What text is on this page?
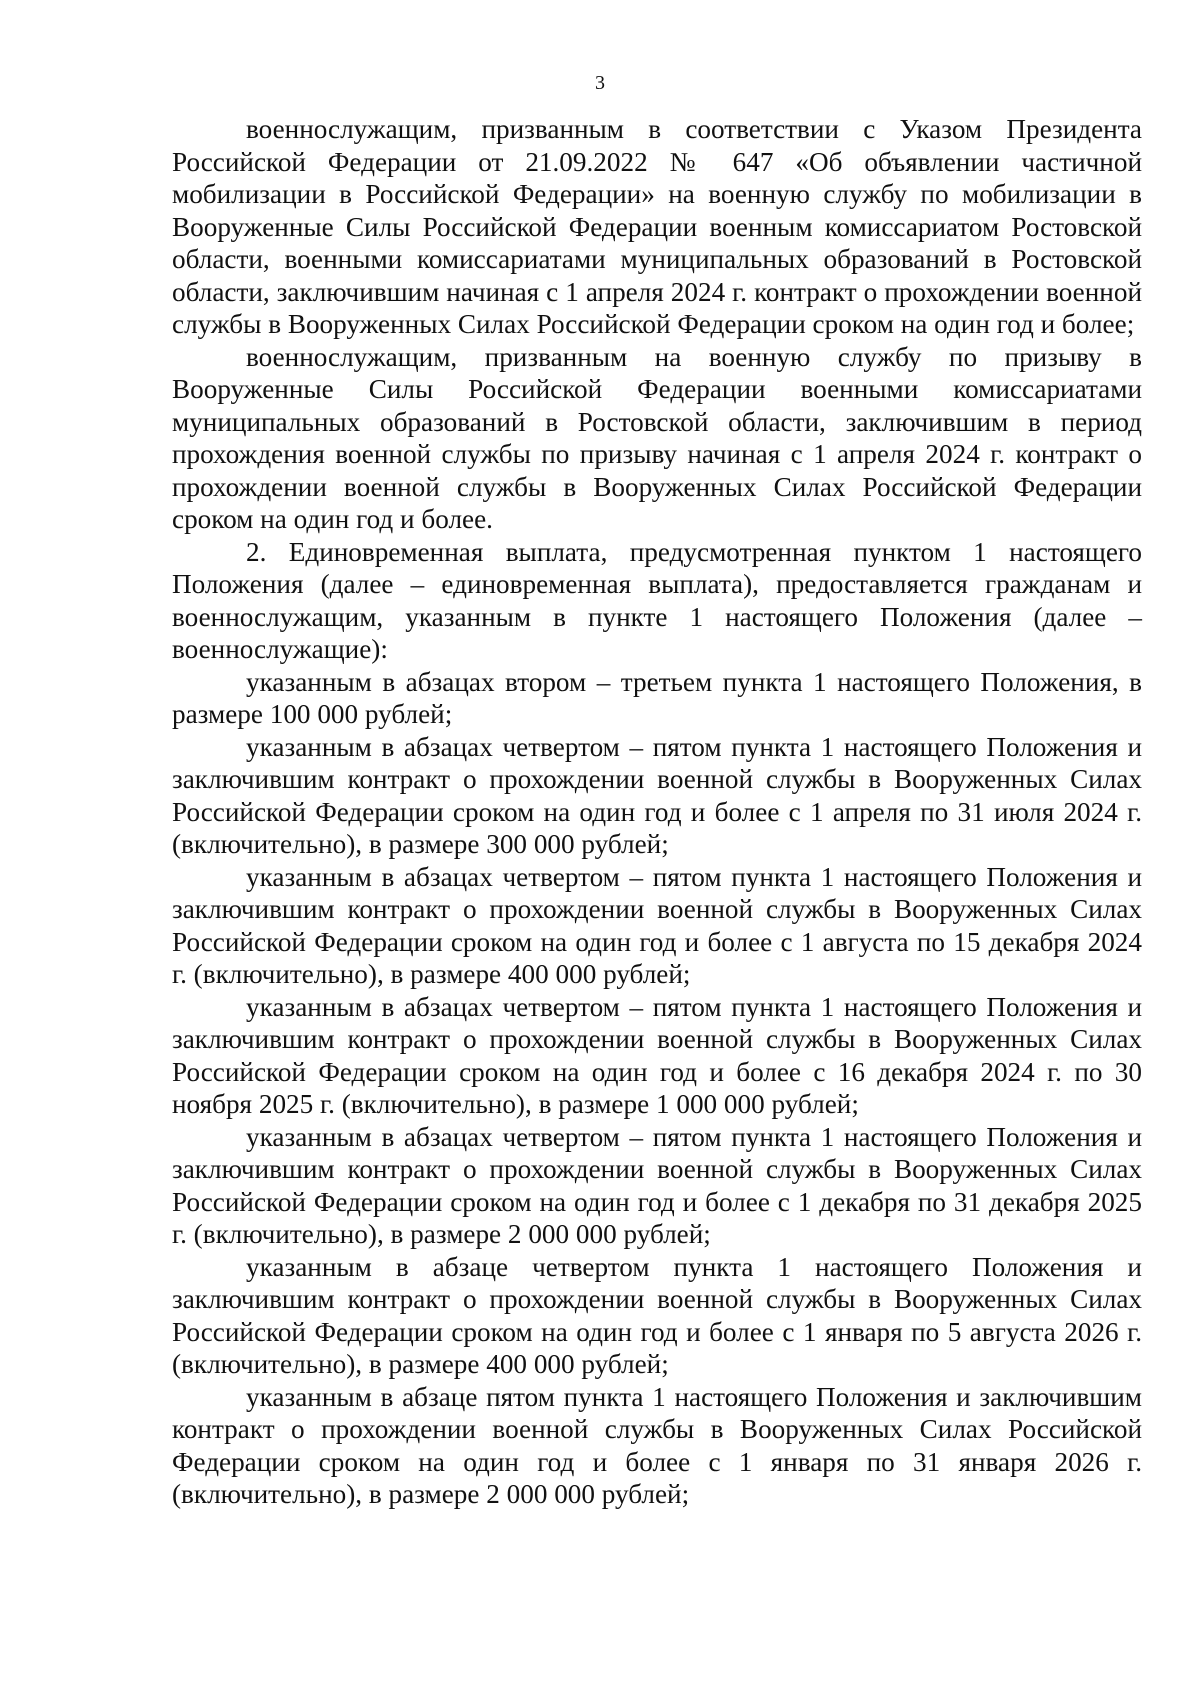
3

военнослужащим, призванным в соответствии с Указом Президента Российской Федерации от 21.09.2022 № 647 «Об объявлении частичной мобилизации в Российской Федерации» на военную службу по мобилизации в Вооруженные Силы Российской Федерации военным комиссариатом Ростовской области, военными комиссариатами муниципальных образований в Ростовской области, заключившим начиная с 1 апреля 2024 г. контракт о прохождении военной службы в Вооруженных Силах Российской Федерации сроком на один год и более;

военнослужащим, призванным на военную службу по призыву в Вооруженные Силы Российской Федерации военными комиссариатами муниципальных образований в Ростовской области, заключившим в период прохождения военной службы по призыву начиная с 1 апреля 2024 г. контракт о прохождении военной службы в Вооруженных Силах Российской Федерации сроком на один год и более.

2. Единовременная выплата, предусмотренная пунктом 1 настоящего Положения (далее – единовременная выплата), предоставляется гражданам и военнослужащим, указанным в пункте 1 настоящего Положения (далее – военнослужащие):

указанным в абзацах втором – третьем пункта 1 настоящего Положения, в размере 100 000 рублей;

указанным в абзацах четвертом – пятом пункта 1 настоящего Положения и заключившим контракт о прохождении военной службы в Вооруженных Силах Российской Федерации сроком на один год и более с 1 апреля по 31 июля 2024 г. (включительно), в размере 300 000 рублей;

указанным в абзацах четвертом – пятом пункта 1 настоящего Положения и заключившим контракт о прохождении военной службы в Вооруженных Силах Российской Федерации сроком на один год и более с 1 августа по 15 декабря 2024 г. (включительно), в размере 400 000 рублей;

указанным в абзацах четвертом – пятом пункта 1 настоящего Положения и заключившим контракт о прохождении военной службы в Вооруженных Силах Российской Федерации сроком на один год и более с 16 декабря 2024 г. по 30 ноября 2025 г. (включительно), в размере 1 000 000 рублей;

указанным в абзацах четвертом – пятом пункта 1 настоящего Положения и заключившим контракт о прохождении военной службы в Вооруженных Силах Российской Федерации сроком на один год и более с 1 декабря по 31 декабря 2025 г. (включительно), в размере 2 000 000 рублей;

указанным в абзаце четвертом пункта 1 настоящего Положения и заключившим контракт о прохождении военной службы в Вооруженных Силах Российской Федерации сроком на один год и более с 1 января по 5 августа 2026 г. (включительно), в размере 400 000 рублей;

указанным в абзаце пятом пункта 1 настоящего Положения и заключившим контракт о прохождении военной службы в Вооруженных Силах Российской Федерации сроком на один год и более с 1 января по 31 января 2026 г. (включительно), в размере 2 000 000 рублей;
